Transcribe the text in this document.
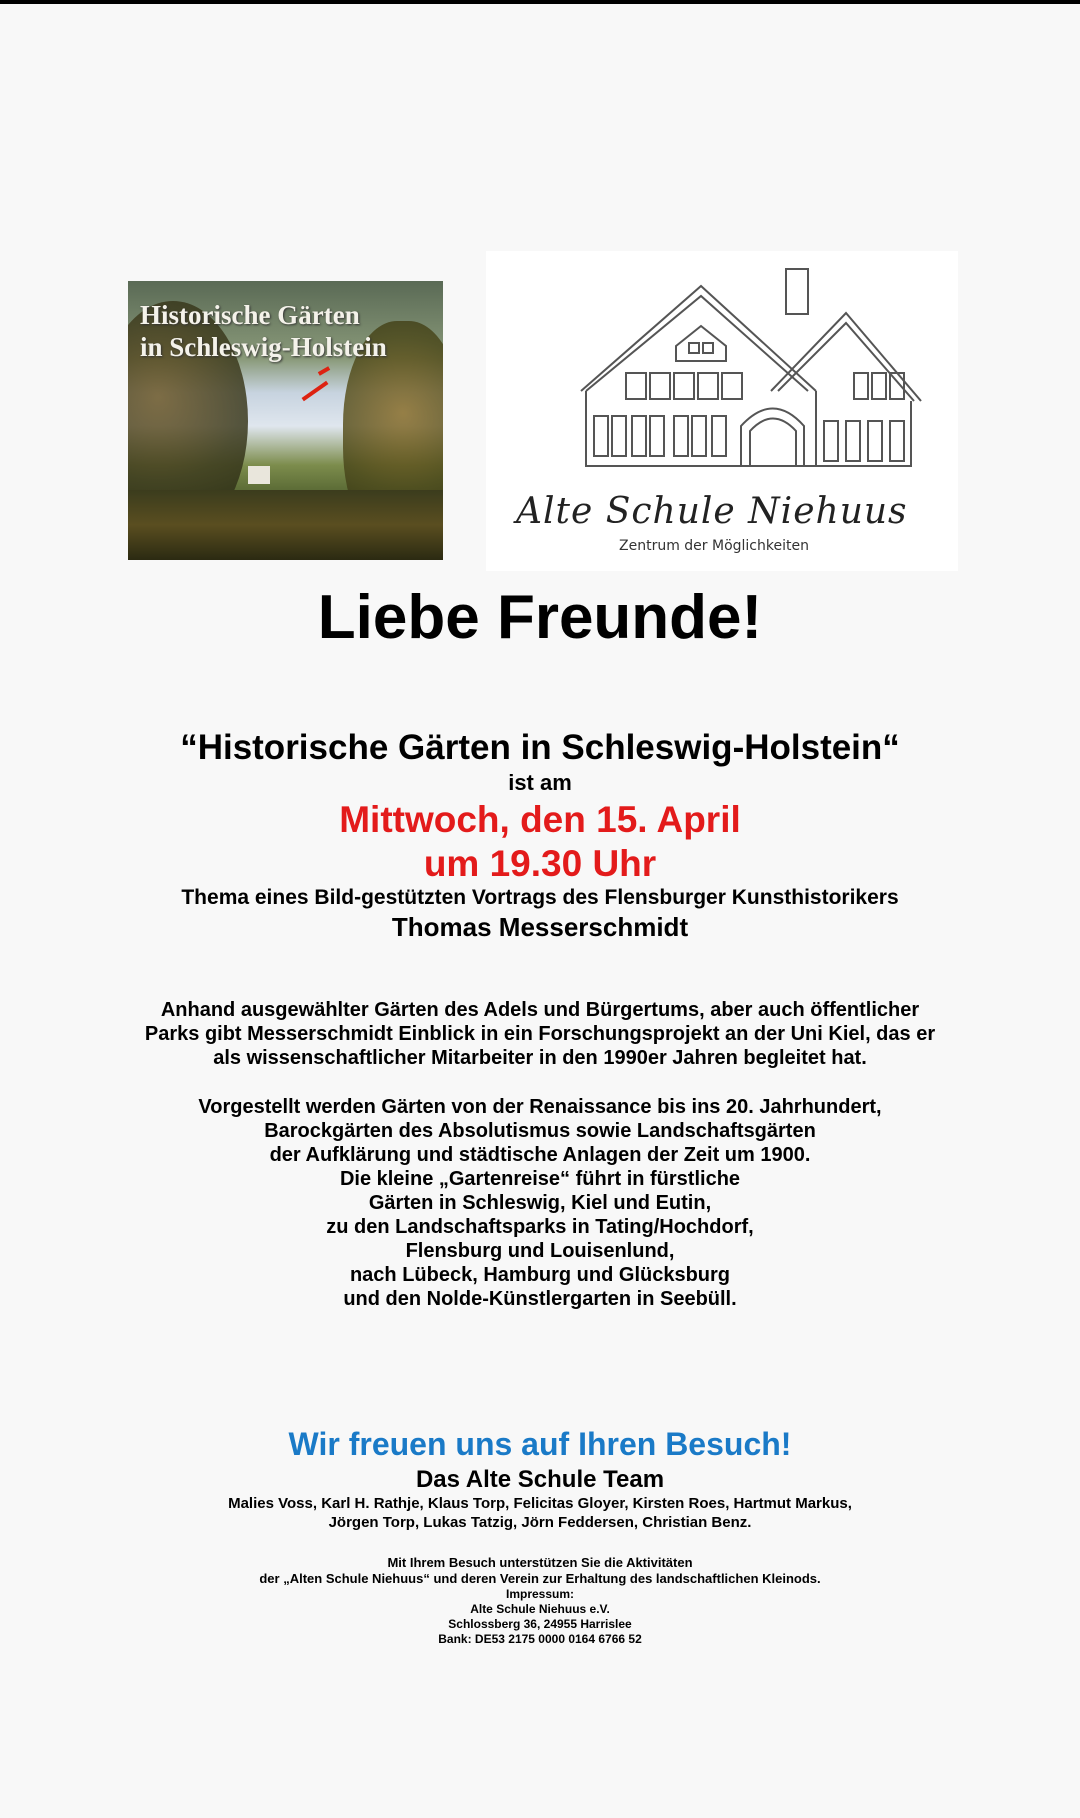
Historische Gärten
in Schleswig-Holstein
Alte Schule Niehuus
Zentrum der Möglichkeiten
Liebe Freunde!
“Historische Gärten in Schleswig-Holstein“
ist am
Mittwoch, den 15. April
um 19.30 Uhr
Thema eines Bild-gestützten Vortrags des Flensburger Kunsthistorikers
Thomas Messerschmidt
Anhand ausgewählter Gärten des Adels und Bürgertums, aber auch öffentlicher
Parks gibt Messerschmidt Einblick in ein Forschungsprojekt an der Uni Kiel, das er
als wissenschaftlicher Mitarbeiter in den 1990er Jahren begleitet hat.
Vorgestellt werden Gärten von der Renaissance bis ins 20. Jahrhundert,
Barockgärten des Absolutismus sowie Landschaftsgärten
der Aufklärung und städtische Anlagen der Zeit um 1900.
Die kleine „Gartenreise“ führt in fürstliche
Gärten in Schleswig, Kiel und Eutin,
zu den Landschaftsparks in Tating/Hochdorf,
Flensburg und Louisenlund,
nach Lübeck, Hamburg und Glücksburg
und den Nolde-Künstlergarten in Seebüll.
Wir freuen uns auf Ihren Besuch!
Das Alte Schule Team
Malies Voss, Karl H. Rathje, Klaus Torp, Felicitas Gloyer, Kirsten Roes, Hartmut Markus,
Jörgen Torp, Lukas Tatzig, Jörn Feddersen, Christian Benz.
Mit Ihrem Besuch unterstützen Sie die Aktivitäten
der „Alten Schule Niehuus“ und deren Verein zur Erhaltung des landschaftlichen Kleinods.
Impressum:
Alte Schule Niehuus e.V.
Schlossberg 36, 24955 Harrislee
Bank: DE53 2175 0000 0164 6766 52
